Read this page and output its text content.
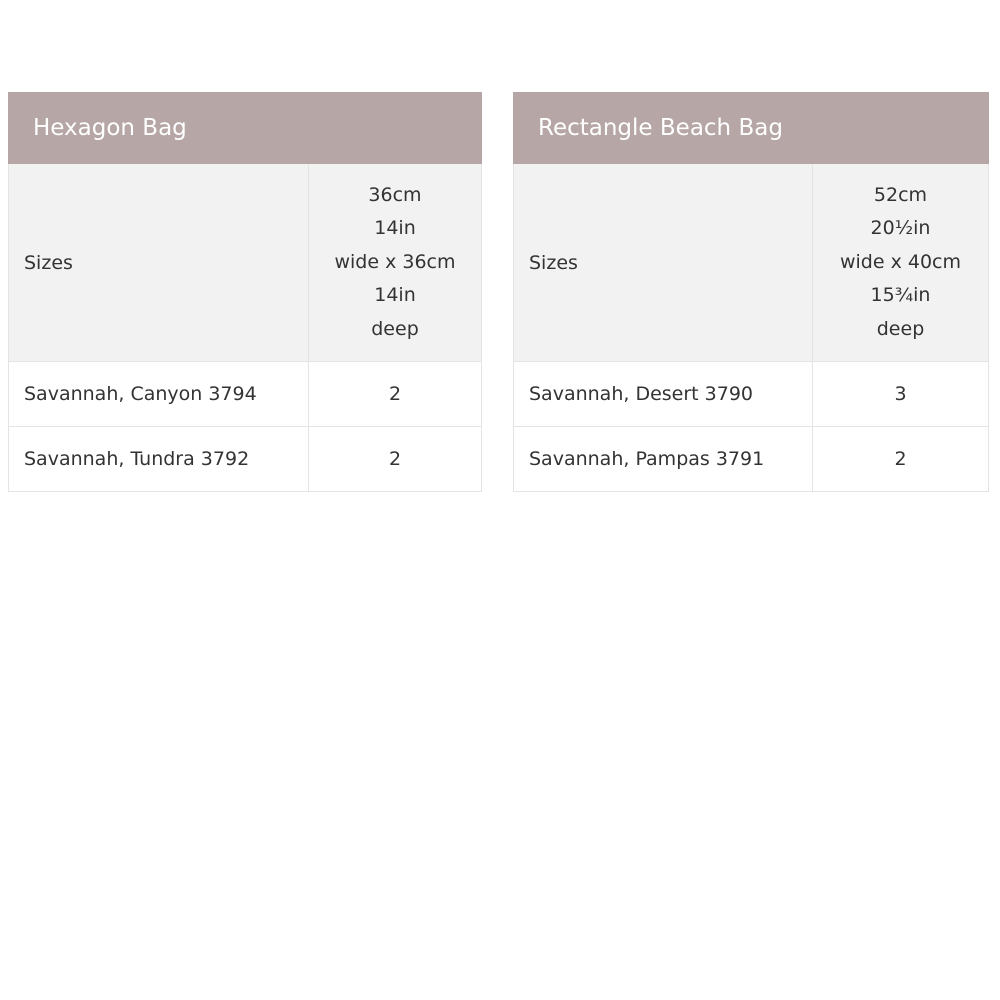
Hexagon Bag	
Sizes	36cm
14in
wide x 36cm
14in
deep

Savannah, Canyon 3794	2
Savannah, Tundra 3792	2
Rectangle Beach Bag	
Sizes	52cm
20½in
wide x 40cm
15¾in
deep

Savannah, Desert 3790	3
Savannah, Pampas 3791	2
